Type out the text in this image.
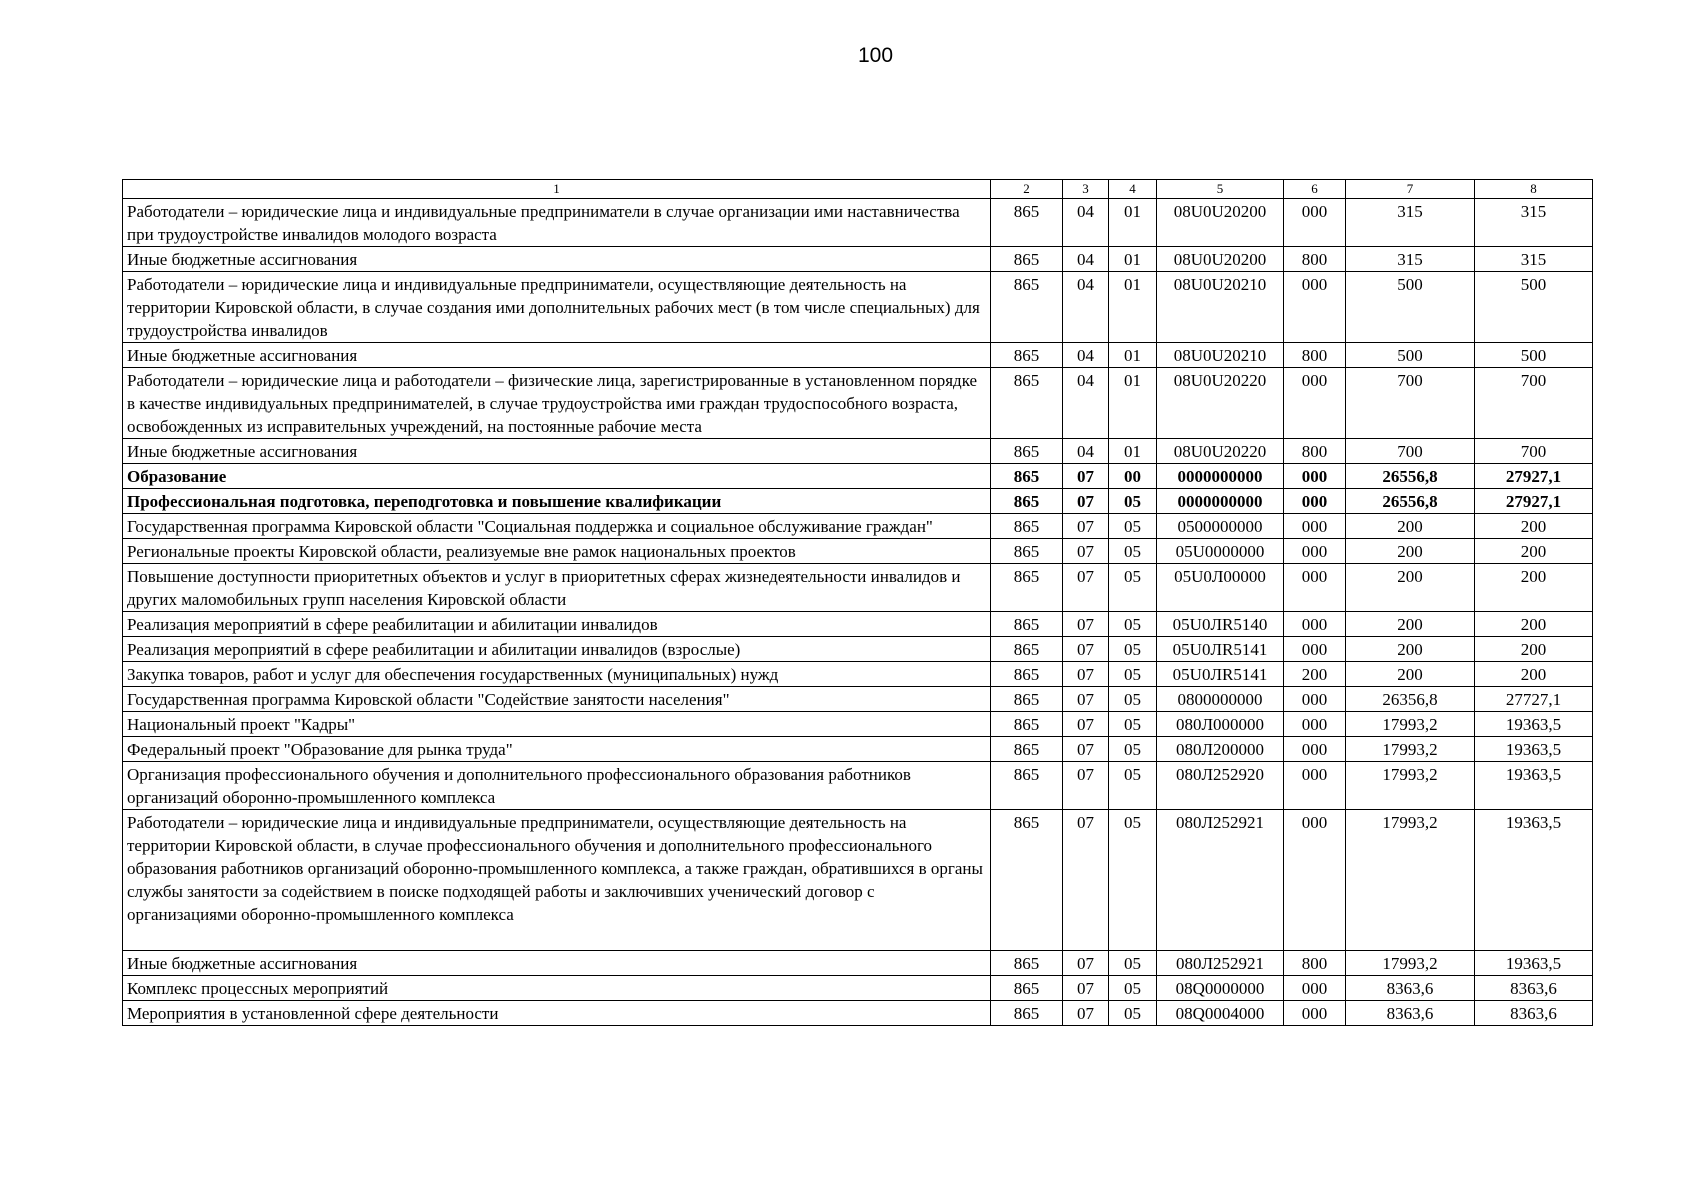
100
1	2	3	4	5	6	7	8
Работодатели – юридические лица и индивидуальные предприниматели в случае организации ими наставничества при трудоустройстве инвалидов молодого возраста	865	04	01	08U0U20200	000	315	315
Иные бюджетные ассигнования	865	04	01	08U0U20200	800	315	315
Работодатели – юридические лица и индивидуальные предприниматели, осуществляющие деятельность на территории Кировской области, в случае создания ими дополнительных рабочих мест (в том числе специальных) для трудоустройства инвалидов	865	04	01	08U0U20210	000	500	500
Иные бюджетные ассигнования	865	04	01	08U0U20210	800	500	500
Работодатели – юридические лица и работодатели – физические лица, зарегистрированные в установленном порядке в качестве индивидуальных предпринимателей, в случае трудоустройства ими граждан трудоспособного возраста, освобожденных из исправительных учреждений, на постоянные рабочие места	865	04	01	08U0U20220	000	700	700
Иные бюджетные ассигнования	865	04	01	08U0U20220	800	700	700
Образование	865	07	00	0000000000	000	26556,8	27927,1
Профессиональная подготовка, переподготовка и повышение квалификации	865	07	05	0000000000	000	26556,8	27927,1
Государственная программа Кировской области "Социальная поддержка и социальное обслуживание граждан"	865	07	05	0500000000	000	200	200
Региональные проекты Кировской области, реализуемые вне рамок национальных проектов	865	07	05	05U0000000	000	200	200
Повышение доступности приоритетных объектов и услуг в приоритетных сферах жизнедеятельности инвалидов и других маломобильных групп населения Кировской области	865	07	05	05U0Л00000	000	200	200
Реализация мероприятий в сфере реабилитации и абилитации инвалидов	865	07	05	05U0ЛR5140	000	200	200
Реализация мероприятий в сфере реабилитации и абилитации инвалидов (взрослые)	865	07	05	05U0ЛR5141	000	200	200
Закупка товаров, работ и услуг для обеспечения государственных (муниципальных) нужд	865	07	05	05U0ЛR5141	200	200	200
Государственная программа Кировской области "Содействие занятости населения"	865	07	05	0800000000	000	26356,8	27727,1
Национальный проект "Кадры"	865	07	05	080Л000000	000	17993,2	19363,5
Федеральный проект "Образование для рынка труда"	865	07	05	080Л200000	000	17993,2	19363,5
Организация профессионального обучения и дополнительного профессионального образования работников организаций оборонно-промышленного комплекса	865	07	05	080Л252920	000	17993,2	19363,5
Работодатели – юридические лица и индивидуальные предприниматели, осуществляющие деятельность на территории Кировской области, в случае профессионального обучения и дополнительного профессионального образования работников организаций оборонно-промышленного комплекса, а также граждан, обратившихся в органы службы занятости за содействием в поиске подходящей работы и заключивших ученический договор с организациями оборонно-промышленного комплекса	865	07	05	080Л252921	000	17993,2	19363,5
Иные бюджетные ассигнования	865	07	05	080Л252921	800	17993,2	19363,5
Комплекс процессных мероприятий	865	07	05	08Q0000000	000	8363,6	8363,6
Мероприятия в установленной сфере деятельности	865	07	05	08Q0004000	000	8363,6	8363,6
